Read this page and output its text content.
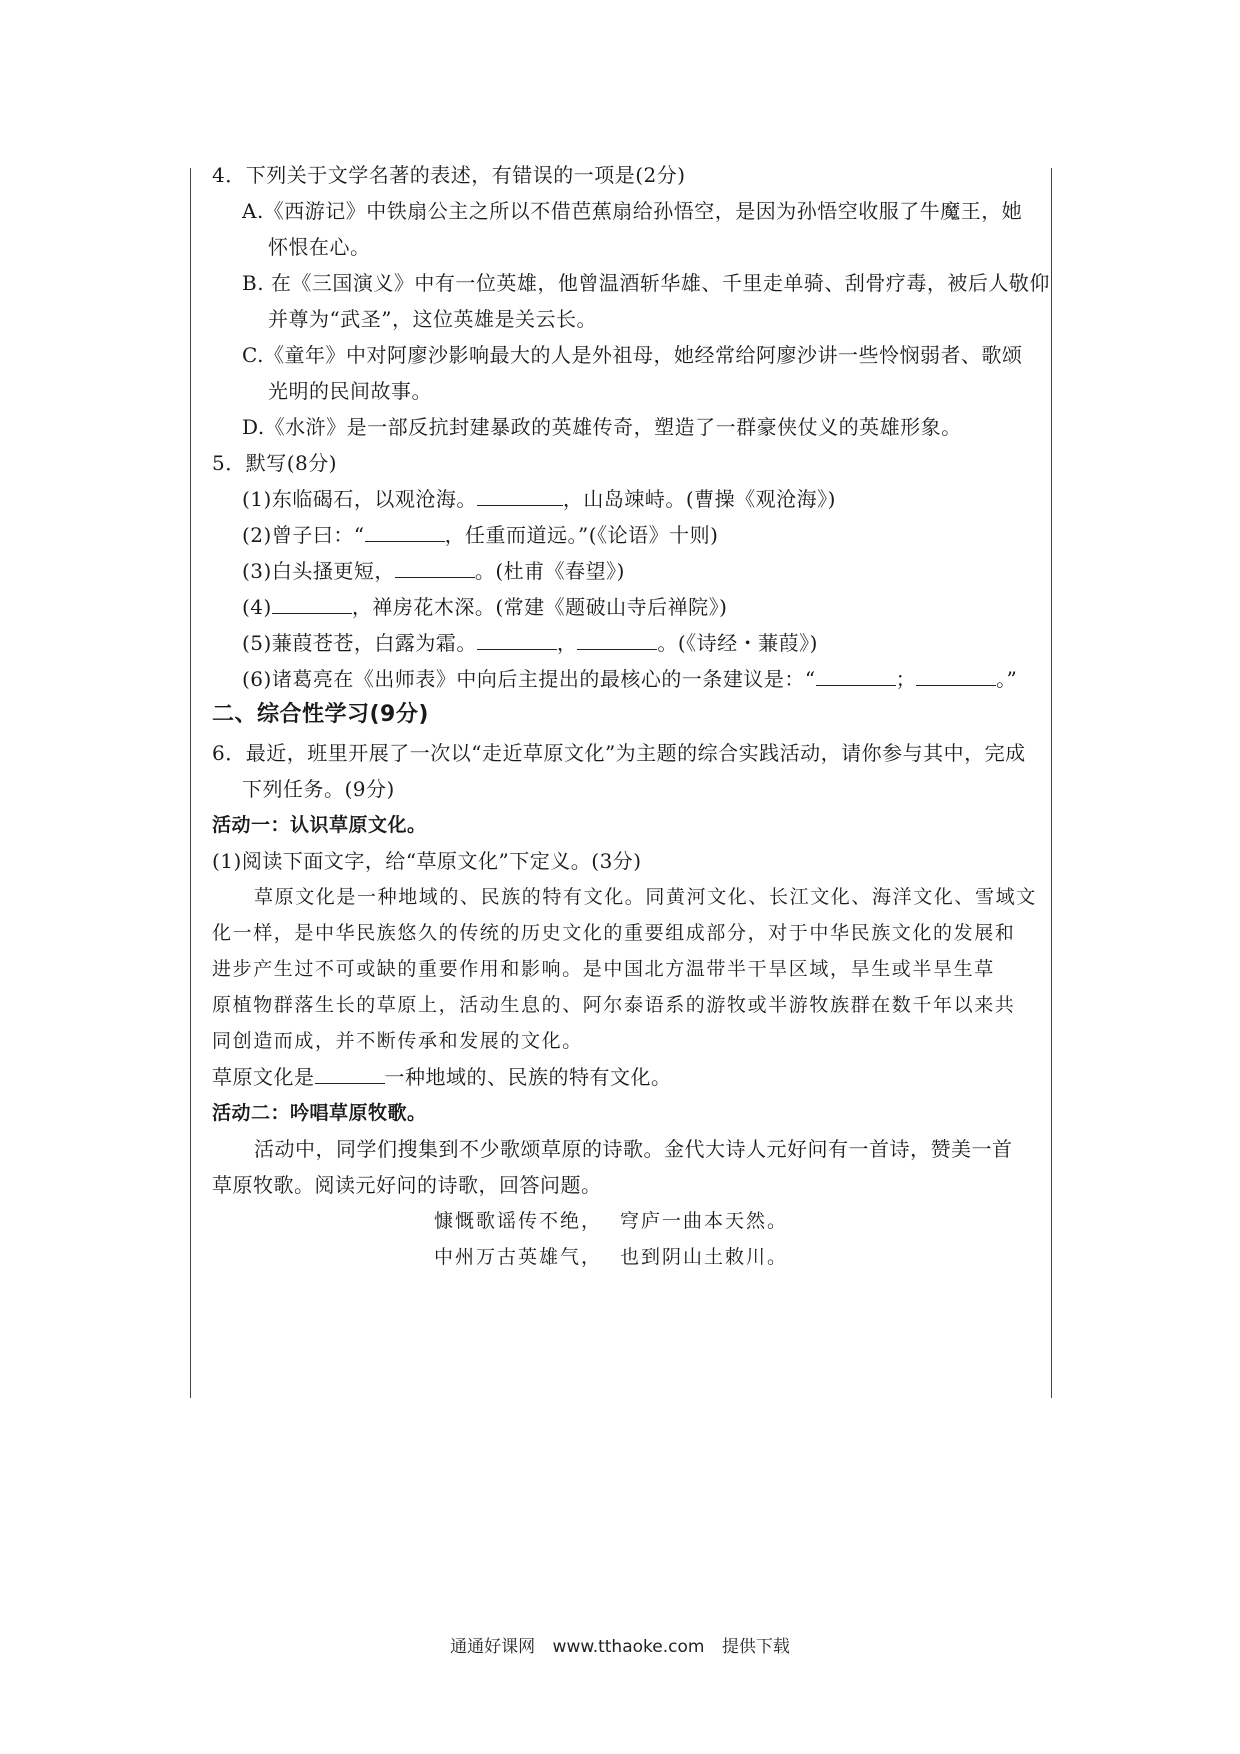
4．下列关于文学名著的表述，有错误的一项是(2分)
A.《西游记》中铁扇公主之所以不借芭蕉扇给孙悟空，是因为孙悟空收服了牛魔王，她
怀恨在心。
B. 在《三国演义》中有一位英雄，他曾温酒斩华雄、千里走单骑、刮骨疗毒，被后人敬仰
并尊为“武圣”，这位英雄是关云长。
C.《童年》中对阿廖沙影响最大的人是外祖母，她经常给阿廖沙讲一些怜悯弱者、歌颂
光明的民间故事。
D.《水浒》是一部反抗封建暴政的英雄传奇，塑造了一群豪侠仗义的英雄形象。
5．默写(8分)
(1)东临碣石，以观沧海。	，山岛竦峙。(曹操《观沧海》)
(2)曾子曰：“	，任重而道远。”(《论语》十则)
(3)白头搔更短，	。(杜甫《春望》)
(4)	，禅房花木深。(常建《题破山寺后禅院》)
(5)蒹葭苍苍，白露为霜。	，	。(《诗经・蒹葭》)
(6)诸葛亮在《出师表》中向后主提出的最核心的一条建议是：“	；	。”
二、综合性学习(9分)
6．最近，班里开展了一次以“走近草原文化”为主题的综合实践活动，请你参与其中，完成
下列任务。(9分)
活动一：认识草原文化。
(1)阅读下面文字，给“草原文化”下定义。(3分)
草原文化是一种地域的、民族的特有文化。同黄河文化、长江文化、海洋文化、雪域文
化一样，是中华民族悠久的传统的历史文化的重要组成部分，对于中华民族文化的发展和
进步产生过不可或缺的重要作用和影响。是中国北方温带半干旱区域，旱生或半旱生草
原植物群落生长的草原上，活动生息的、阿尔泰语系的游牧或半游牧族群在数千年以来共
同创造而成，并不断传承和发展的文化。
草原文化是	一种地域的、民族的特有文化。
活动二：吟唱草原牧歌。
活动中，同学们搜集到不少歌颂草原的诗歌。金代大诗人元好问有一首诗，赞美一首
草原牧歌。阅读元好问的诗歌，回答问题。
慷慨歌谣传不绝， 穹庐一曲本天然。
中州万古英雄气， 也到阴山土敕川。
通通好课网 www.tthaoke.com 提供下载
